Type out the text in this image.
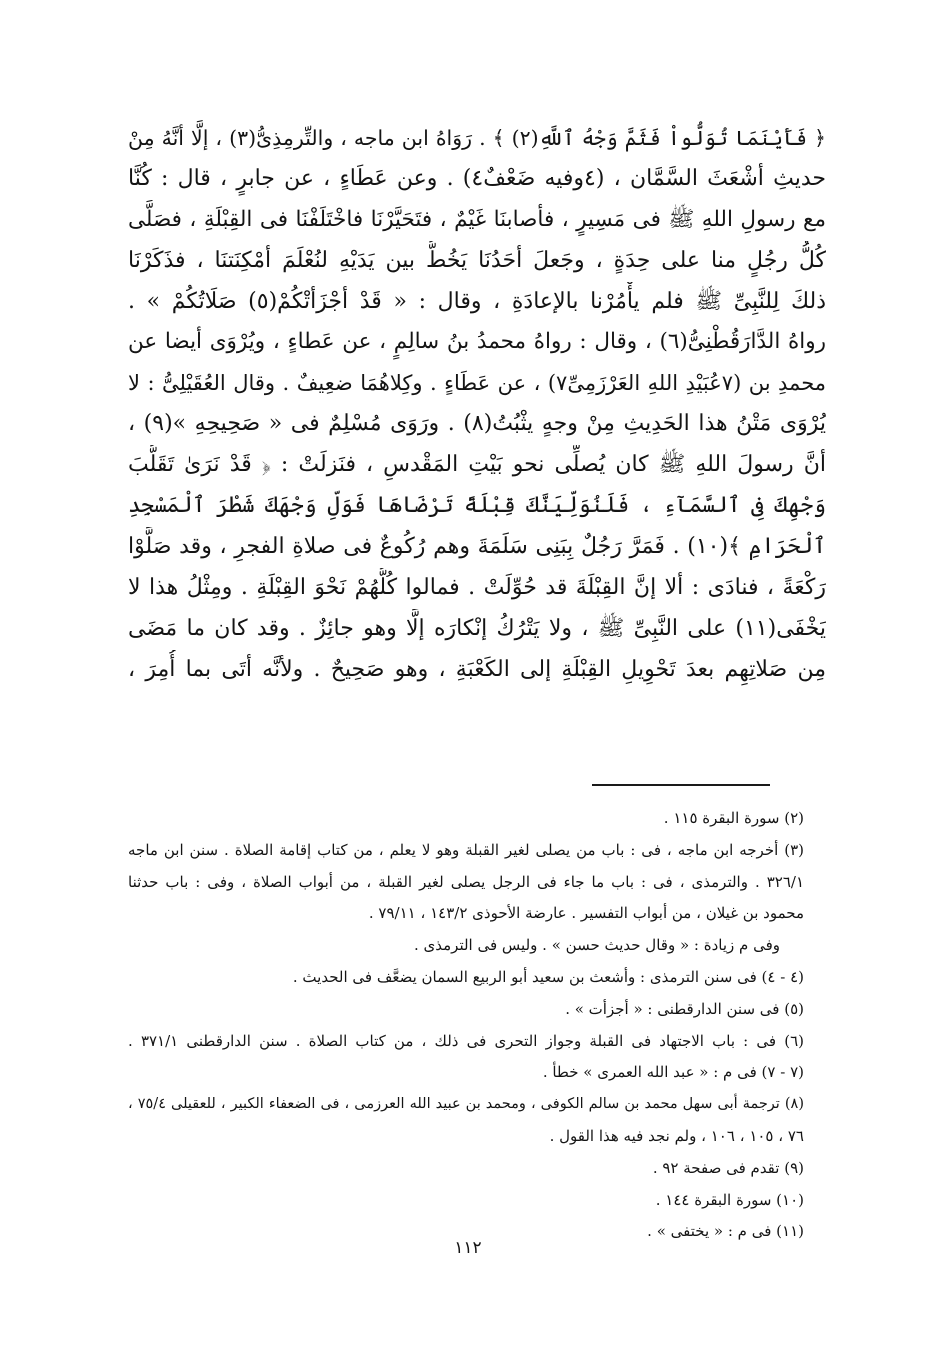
﴿ فَأَيْنَمَا تُوَلُّواْ فَثَمَّ وَجْهُ ٱللَّهِ(٢) ﴾ . رَوَاهُ ابن ماجه ، والتِّرمِذِىُّ(٣) ، إلَّا أنَّهُ مِنْ
حديثِ أشْعَثَ السَّمَّان ، (٤وفيه ضَعْفٌ٤) . وعن عَطَاءٍ ، عن جابرٍ ، قال : كُنَّا
مع رسولِ اللهِ ﷺ فى مَسِيرٍ ، فأصابنَا غَيْمٌ ، فتَحَيَّرْنَا فاخْتَلَفْنَا فى القِبْلَةِ ، فصَلَّى
كُلُّ رجُلٍ منا على حِدَةٍ ، وجَعلَ أحَدُنَا يَخُطُّ بين يَدَيْهِ لنُعْلَمَ أمْكِنَتنَا ، فذَكَرْنَا
ذلكَ لِلنَّبِىِّ ﷺ فلم يأْمُرْنا بالإعادَةِ ، وقال : « قَدْ أجْزَأتْكُمْ(٥) صَلَاتُكُمْ » .
رواهُ الدَّارَقُطْنِىُّ(٦) ، وقال : رواهُ محمدُ بنُ سالِمٍ ، عن عَطاءٍ ، ويُرْوَى أيضا عن
محمدِ بن (٧عُبَيْدِ اللهِ العَرْزَمِىِّ٧) ، عن عَطَاءٍ . وكِلاهُمَا ضعِيفٌ . وقال العُقَيْلِىُّ : لا
يُرْوَى مَتْنُ هذا الحَدِيثِ مِنْ وجهٍ يثْبُتُ(٨) . ورَوَى مُسْلِمٌ فى « صَحِيحِهِ »(٩) ،
أنَّ رسولَ اللهِ ﷺ كان يُصلِّى نحو بَيْتِ المَقْدسِ ، فنَزلَتْ : ﴿ قَدْ نَرَىٰ تَقَلُّبَ
وَجْهِكَ فِى ٱلسَّمَآءِ ، فَلَنُوَلِّيَنَّكَ قِبْلَةً تَرْضَاهَا فَوَلِّ وَجْهَكَ شَطْرَ ٱلْمَسْجِدِ
ٱلْحَرَامِ ﴾(١٠) . فَمَرَّ رَجُلٌ بِبَنِى سَلَمَةَ وهم رُكُوعٌ فى صلاةِ الفجرِ ، وقد صَلَّوْا
رَكْعَةً ، فنادَى : ألا إنَّ القِبْلَةَ قد حُوِّلَتْ . فمالوا كُلُّهُمْ نَحْوَ القِبْلَةِ . ومِثْلُ هذا لا
يَخْفَى(١١) على النَّبِىِّ ﷺ ، ولا يَتْرُكُ إنْكارَه إلَّا وهو جائِزٌ . وقد كان ما مَضَى
مِن صَلاتِهِم بعدَ تَحْوِيلِ القِبْلَةِ إلى الكَعْبَةِ ، وهو صَحِيحٌ . ولأنَّه أتَى بما أُمِرَ ،
(٢) سورة البقرة ١١٥ .
(٣) أخرجه ابن ماجه ، فى : باب من يصلى لغير القبلة وهو لا يعلم ، من كتاب إقامة الصلاة . سنن ابن ماجه
٣٢٦/١ . والترمذى ، فى : باب ما جاء فى الرجل يصلى لغير القبلة ، من أبواب الصلاة ، وفى : باب حدثنا
محمود بن غيلان ، من أبواب التفسير . عارضة الأحوذى ١٤٣/٢ ، ٧٩/١١ .
وفى م زيادة : « وقال حديث حسن » . وليس فى الترمذى .
(٤ - ٤) فى سنن الترمذى : وأشعث بن سعيد أبو الربيع السمان يضعَّف فى الحديث .
(٥) فى سنن الدارقطنى : « أجزأت » .
(٦) فى : باب الاجتهاد فى القبلة وجواز التحرى فى ذلك ، من كتاب الصلاة . سنن الدارقطنى ٣٧١/١ .
(٧ - ٧) فى م : « عبد الله العمرى » خطأ .
(٨) ترجمة أبى سهل محمد بن سالم الكوفى ، ومحمد بن عبيد الله العرزمى ، فى الضعفاء الكبير ، للعقيلى ٧٥/٤ ،
٧٦ ، ١٠٥ ، ١٠٦ ، ولم نجد فيه هذا القول .
(٩) تقدم فى صفحة ٩٢ .
(١٠) سورة البقرة ١٤٤ .
(١١) فى م : « يختفى » .
١١٢
